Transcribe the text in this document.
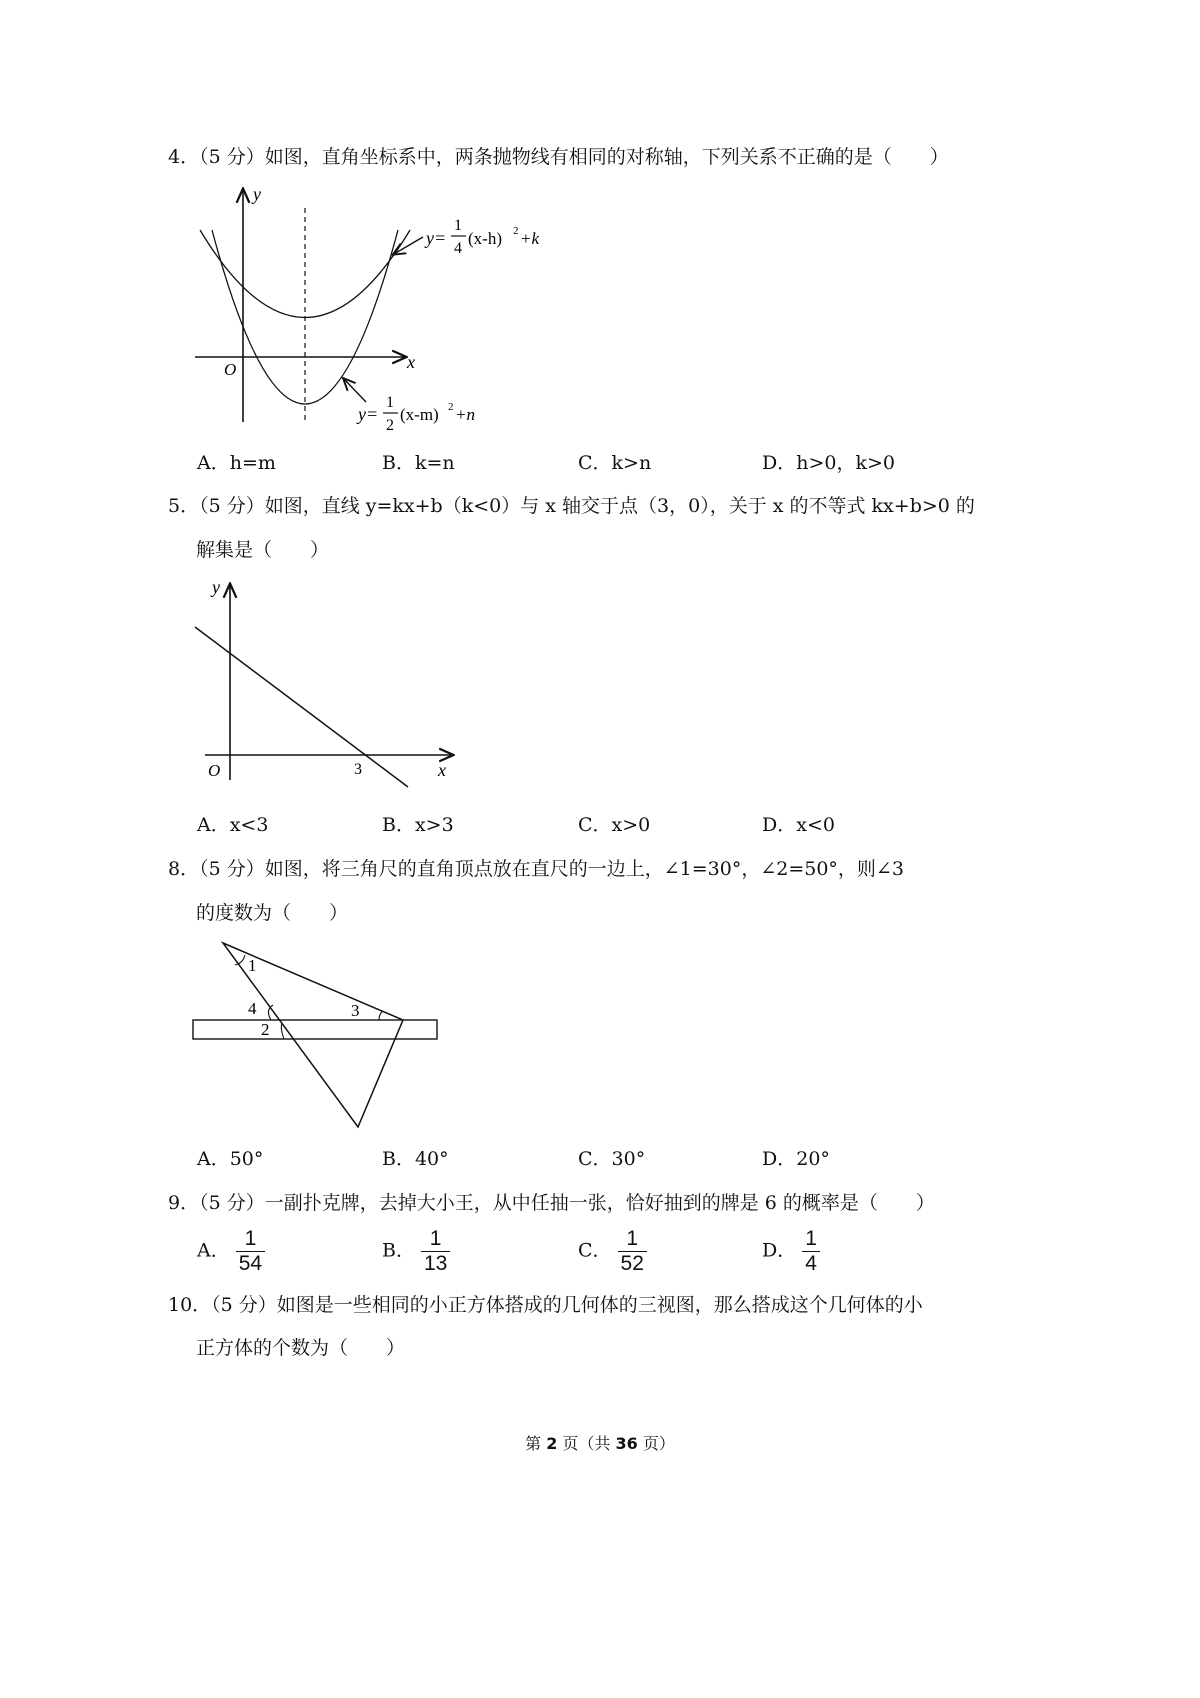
4．（5 分）如图，直角坐标系中，两条抛物线有相同的对称轴，下列关系不正确的是（　　）
x
y
O
y=
1
4
(x-h) 2 +k
y=
1
2
(x-m) 2 +n
A．h=m	B．k=n	C．k>n	D．h>0，k>0
5．（5 分）如图，直线 y=kx+b（k<0）与 x 轴交于点（3，0），关于 x 的不等式 kx+b>0 的
解集是（　　）
y
x
O	3
A．x<3	B．x>3	C．x>0	D．x<0
8．（5 分）如图，将三角尺的直角顶点放在直尺的一边上，∠1=30°，∠2=50°，则∠3
的度数为（　　）
1
4
2
3
A．50°	B．40°	C．30°	D．20°
9．（5 分）一副扑克牌，去掉大小王，从中任抽一张，恰好抽到的牌是 6 的概率是（　　）
A． $\frac{1}{54}$	B． $\frac{1}{13}$	C． $\frac{1}{52}$	D． $\frac{1}{4}$
10．（5 分）如图是一些相同的小正方体搭成的几何体的三视图，那么搭成这个几何体的小
正方体的个数为（　　）
第 2 页（共 36 页）
